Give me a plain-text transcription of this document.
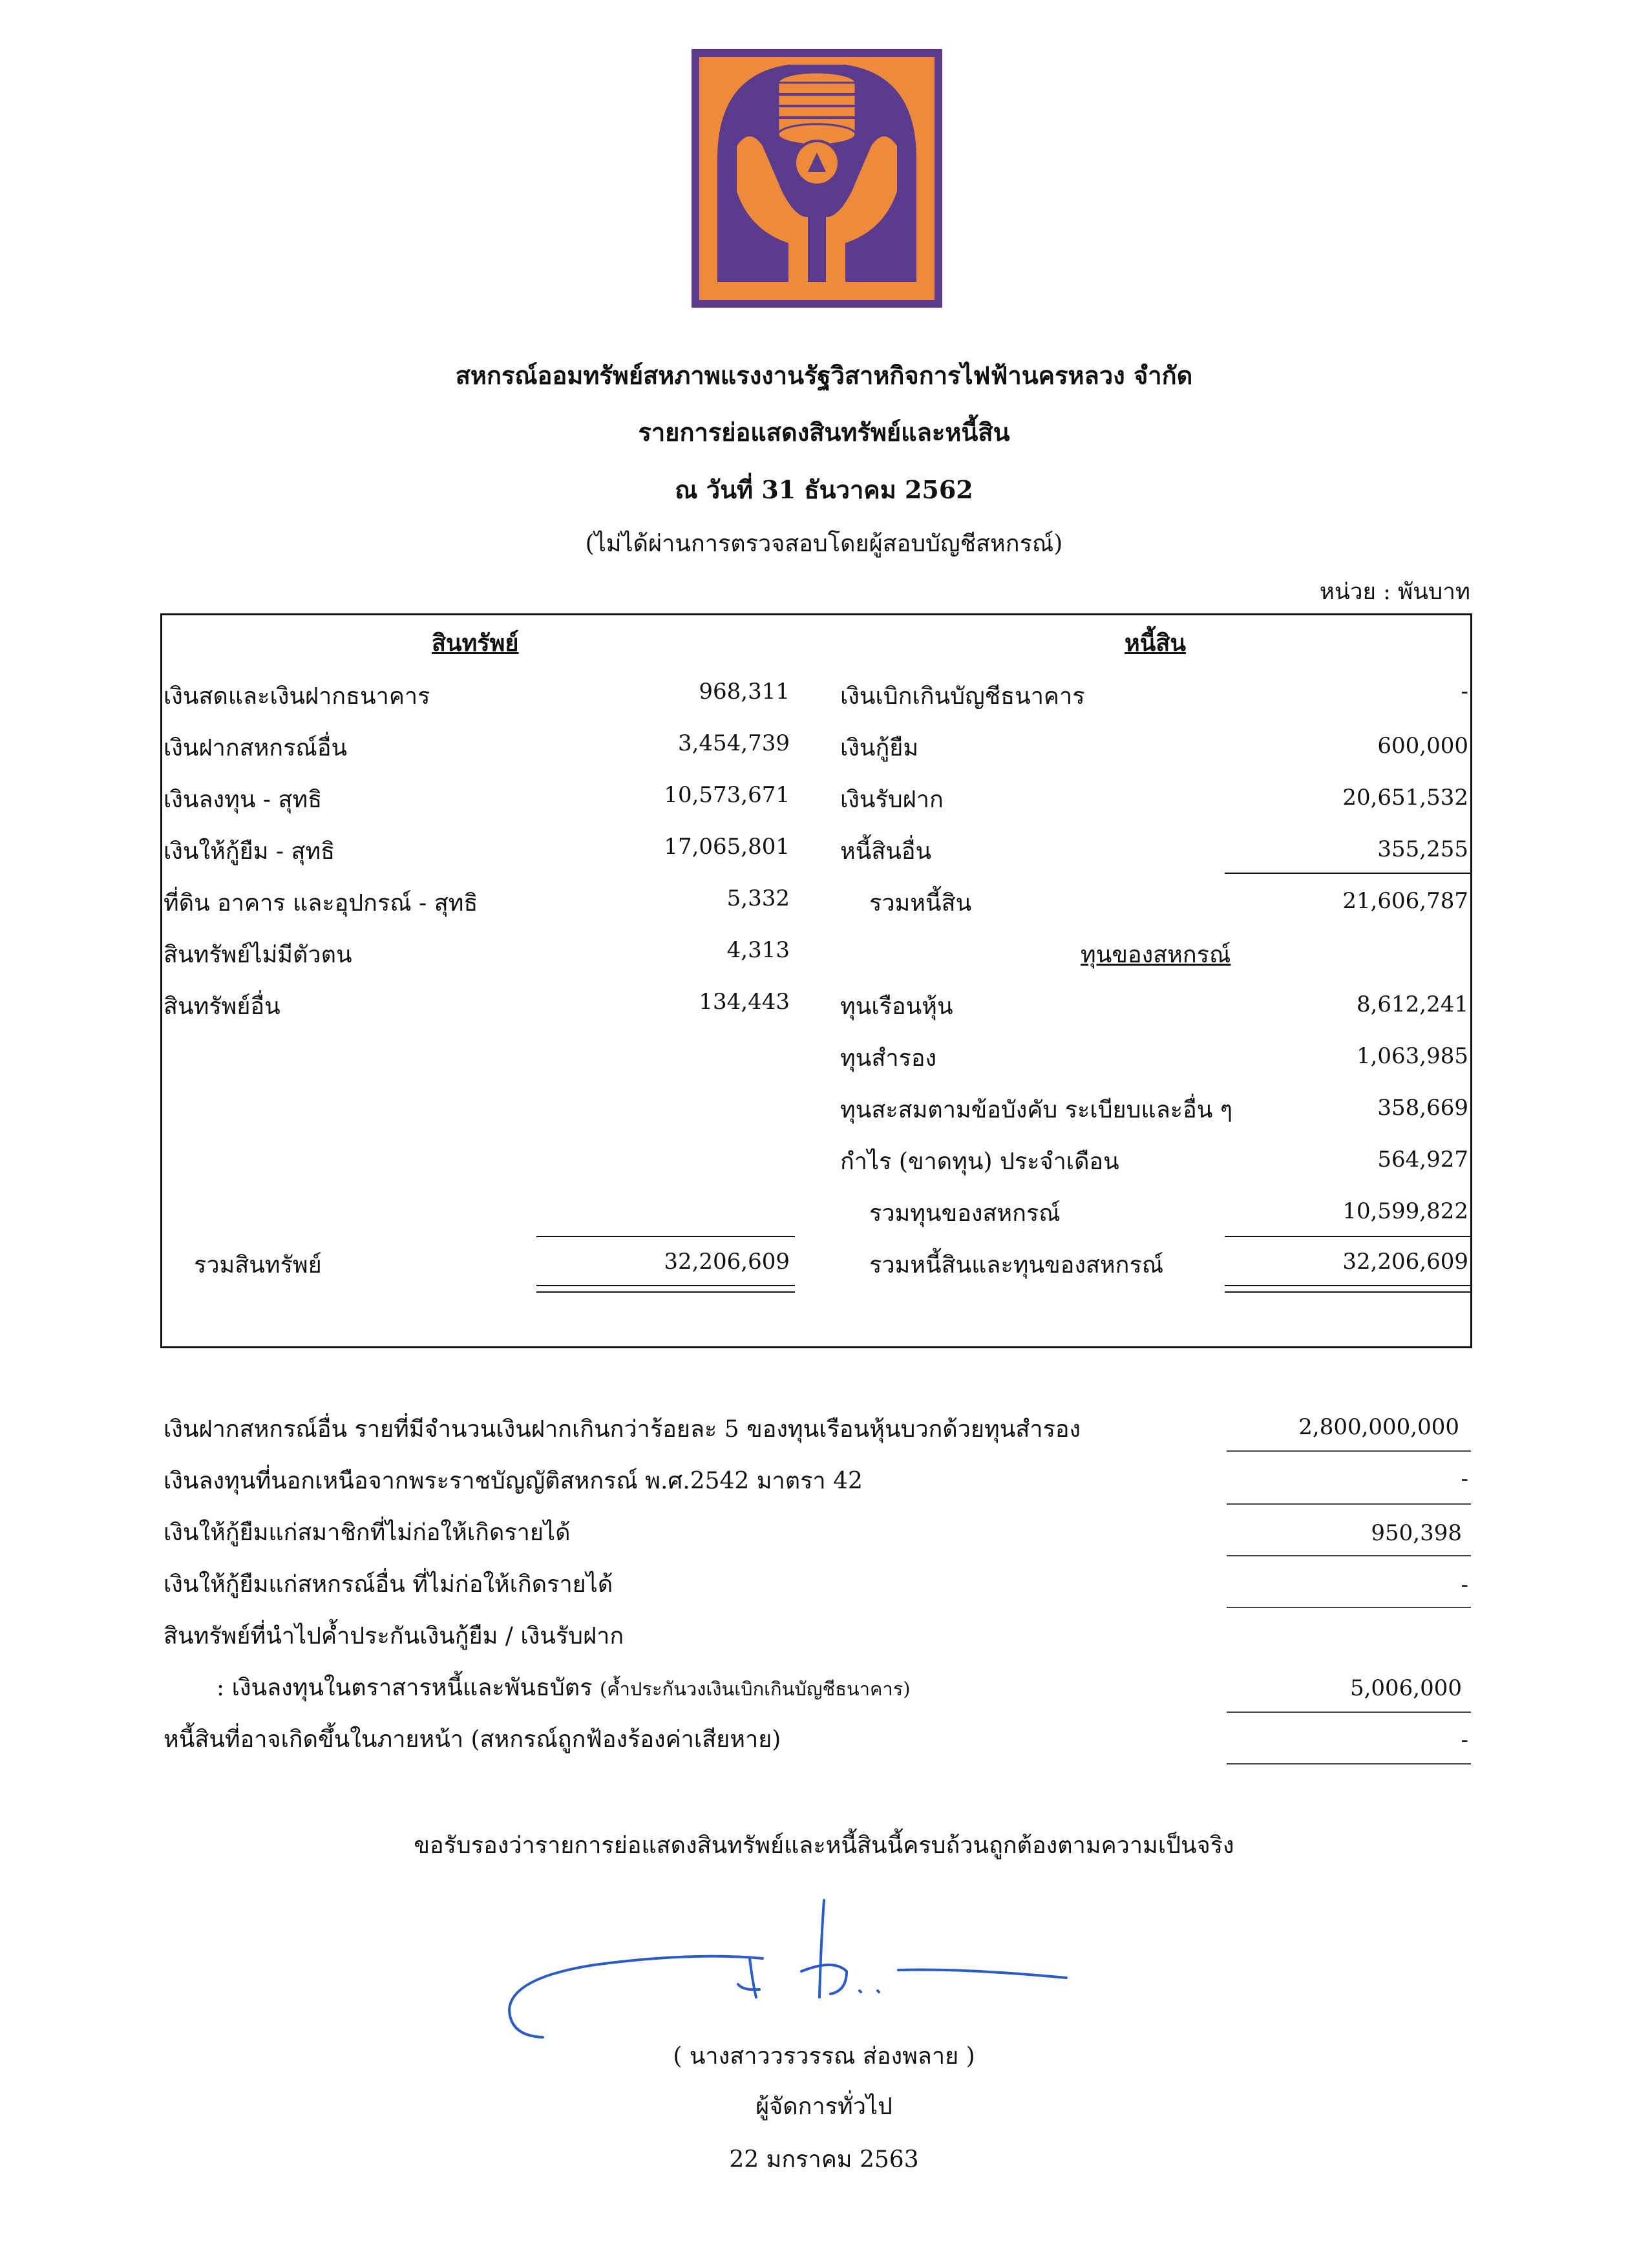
สหกรณ์ออมทรัพย์สหภาพแรงงานรัฐวิสาหกิจการไฟฟ้านครหลวง จำกัด
รายการย่อแสดงสินทรัพย์และหนี้สิน
ณ วันที่ 31 ธันวาคม 2562
(ไม่ได้ผ่านการตรวจสอบโดยผู้สอบบัญชีสหกรณ์)
หน่วย : พันบาท
สินทรัพย์	หนี้สิน
เงินสดและเงินฝากธนาคาร	968,311
เงินฝากสหกรณ์อื่น	3,454,739
เงินลงทุน - สุทธิ	10,573,671
เงินให้กู้ยืม - สุทธิ	17,065,801
ที่ดิน อาคาร และอุปกรณ์ - สุทธิ	5,332
สินทรัพย์ไม่มีตัวตน	4,313
สินทรัพย์อื่น	134,443
รวมสินทรัพย์	32,206,609
เงินเบิกเกินบัญชีธนาคาร	-
เงินกู้ยืม	600,000
เงินรับฝาก	20,651,532
หนี้สินอื่น	355,255
รวมหนี้สิน	21,606,787
ทุนของสหกรณ์
ทุนเรือนหุ้น	8,612,241
ทุนสำรอง	1,063,985
ทุนสะสมตามข้อบังคับ ระเบียบและอื่น ๆ	358,669
กำไร (ขาดทุน) ประจำเดือน	564,927
รวมทุนของสหกรณ์	10,599,822
รวมหนี้สินและทุนของสหกรณ์	32,206,609
เงินฝากสหกรณ์อื่น รายที่มีจำนวนเงินฝากเกินกว่าร้อยละ 5 ของทุนเรือนหุ้นบวกด้วยทุนสำรอง	2,800,000,000
เงินลงทุนที่นอกเหนือจากพระราชบัญญัติสหกรณ์ พ.ศ.2542 มาตรา 42	-
เงินให้กู้ยืมแก่สมาชิกที่ไม่ก่อให้เกิดรายได้	950,398
เงินให้กู้ยืมแก่สหกรณ์อื่น ที่ไม่ก่อให้เกิดรายได้	-
สินทรัพย์ที่นำไปค้ำประกันเงินกู้ยืม / เงินรับฝาก
: เงินลงทุนในตราสารหนี้และพันธบัตร (ค้ำประกันวงเงินเบิกเกินบัญชีธนาคาร)	5,006,000
หนี้สินที่อาจเกิดขึ้นในภายหน้า (สหกรณ์ถูกฟ้องร้องค่าเสียหาย)	-
ขอรับรองว่ารายการย่อแสดงสินทรัพย์และหนี้สินนี้ครบถ้วนถูกต้องตามความเป็นจริง
( นางสาววรวรรณ ส่องพลาย )
ผู้จัดการทั่วไป
22 มกราคม 2563
